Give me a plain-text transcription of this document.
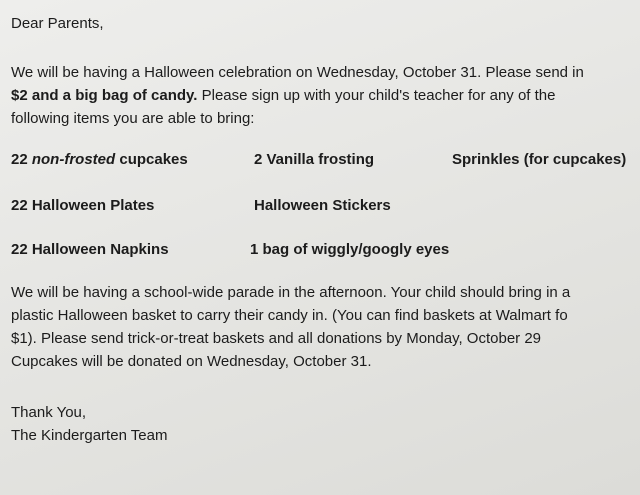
Dear Parents,
We will be having a Halloween celebration on Wednesday, October 31. Please send in
$2 and a big bag of candy. Please sign up with your child's teacher for any of the
following items you are able to bring:
22 non-frosted cupcakes	2 Vanilla frosting	Sprinkles (for cupcakes)
22 Halloween Plates	Halloween Stickers
22 Halloween Napkins	1 bag of wiggly/googly eyes
We will be having a school-wide parade in the afternoon. Your child should bring in a
plastic Halloween basket to carry their candy in. (You can find baskets at Walmart fo
$1). Please send trick-or-treat baskets and all donations by Monday, October 29
Cupcakes will be donated on Wednesday, October 31.
Thank You,
The Kindergarten Team
